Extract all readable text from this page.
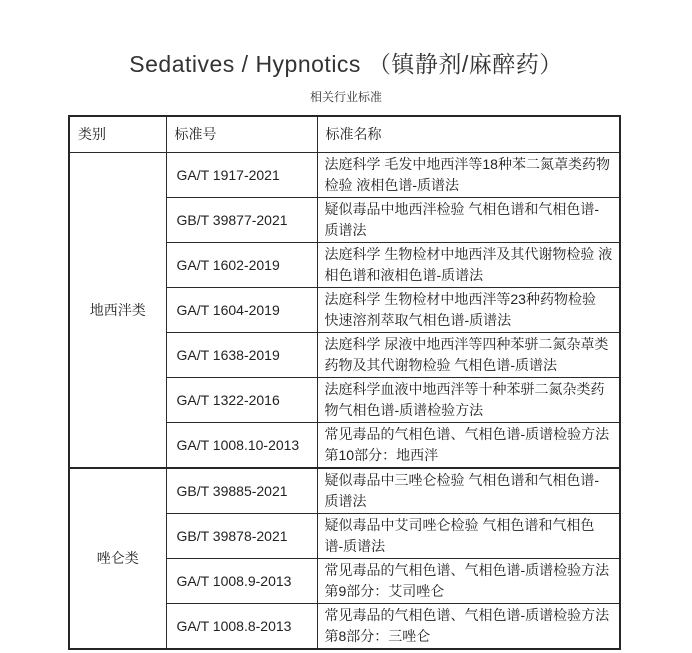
Sedatives / Hypnotics （镇静剂/麻醉药）
相关行业标准
类别	标准号	标准名称
地西泮类	GA/T 1917-2021	法庭科学 毛发中地西泮等18种苯二氮䓬类药物检验 液相色谱-质谱法
	GB/T 39877-2021	疑似毒品中地西泮检验 气相色谱和气相色谱-质谱法
	GA/T 1602-2019	法庭科学 生物检材中地西泮及其代谢物检验 液相色谱和液相色谱-质谱法
	GA/T 1604-2019	法庭科学 生物检材中地西泮等23种药物检验 快速溶剂萃取气相色谱-质谱法
	GA/T 1638-2019	法庭科学 尿液中地西泮等四种苯骈二氮杂䓬类药物及其代谢物检验 气相色谱-质谱法
	GA/T 1322-2016	法庭科学血液中地西泮等十种苯骈二氮杂类药物气相色谱-质谱检验方法
	GA/T 1008.10-2013	常见毒品的气相色谱、气相色谱-质谱检验方法 第10部分：地西泮
唑仑类	GB/T 39885-2021	疑似毒品中三唑仑检验 气相色谱和气相色谱-质谱法
	GB/T 39878-2021	疑似毒品中艾司唑仑检验 气相色谱和气相色谱-质谱法
	GA/T 1008.9-2013	常见毒品的气相色谱、气相色谱-质谱检验方法 第9部分：艾司唑仑
	GA/T 1008.8-2013	常见毒品的气相色谱、气相色谱-质谱检验方法 第8部分：三唑仑
